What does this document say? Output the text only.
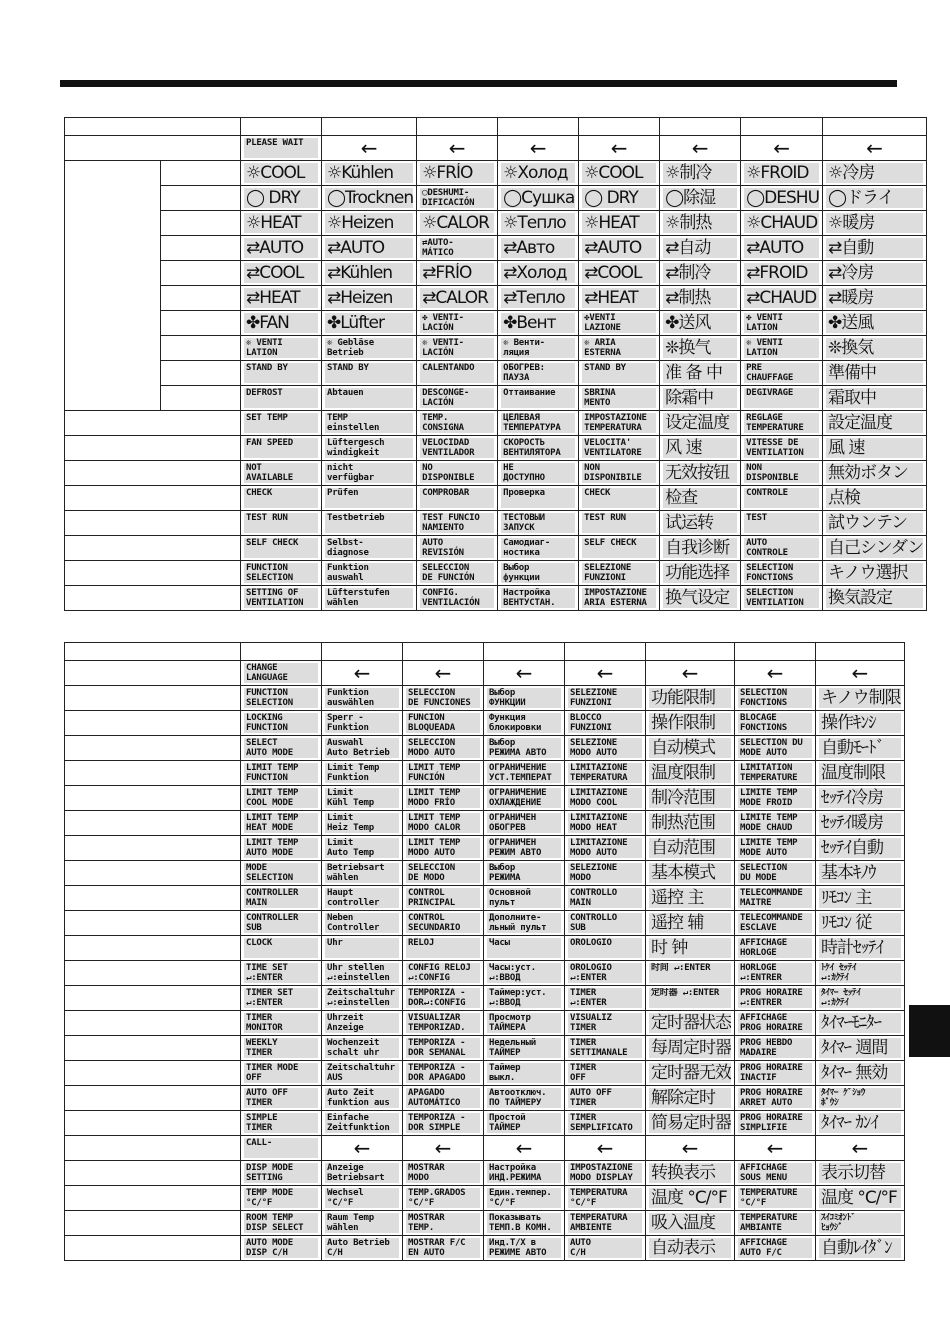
		PLEASE WAIT	←	←	←	←	←	←	←

		☼COOL	☼Kühlen	☼FRÍO	☼Холод	☼COOL	☼制冷	☼FROID	☼冷房

		◯ DRY	◯Trocknen	◯DESHUMI-
DIFICACIÓN	◯Сушка	◯ DRY	◯除湿	◯DESHU	◯ドライ

		☼HEAT	☼Heizen	☼CALOR	☼Тепло	☼HEAT	☼制热	☼CHAUD	☼暖房

		⇄AUTO	⇄AUTO	⇄AUTO-
MÁTICO	⇄Авто	⇄AUTO	⇄自动	⇄AUTO	⇄自動

		⇄COOL	⇄Kühlen	⇄FRÍO	⇄Холод	⇄COOL	⇄制冷	⇄FROID	⇄冷房

		⇄HEAT	⇄Heizen	⇄CALOR	⇄Тепло	⇄HEAT	⇄制热	⇄CHAUD	⇄暖房

		✤FAN	✤Lüfter	✤ VENTI-
LACIÓN	✤Вент	✤VENTI
LAZIONE	✤送风	✤ VENTI
LATION	✤送風

		❊ VENTI
LATION	❊ Gebläse
Betrieb	❊ VENTI-
LACIÓN	❊ Венти-
ляция	❊ ARIA
ESTERNA	❊换气	❊ VENTI
LATION	❊換気

		STAND BY	STAND BY	CALENTANDO	ОБОГРЕВ:
ПАУЗА	STAND BY	准 备 中	PRE
CHAUFFAGE	準備中

		DEFROST	Abtauen	DESCONGE-
LACIÓN	Оттаивание	SBRINA
MENTO	除霜中	DEGIVRAGE	霜取中

		SET TEMP	TEMP
einstellen	TEMP.
CONSIGNA	ЦЕЛЕВАЯ
ТЕМПЕРАТУРА	IMPOSTAZIONE
TEMPERATURA	设定温度	REGLAGE
TEMPERATURE	設定温度

		FAN SPEED	Lüftergesch
windigkeit	VELOCIDAD
VENTILADOR	СКОРОСТЬ
ВЕНТИЛЯТОРА	VELOCITA'
VENTILATORE	风 速	VITESSE DE
VENTILATION	風 速

		NOT
AVAILABLE	nicht
verfügbar	NO
DISPONIBLE	НЕ
ДОСТУПНО	NON
DISPONIBILE	无效按钮	NON
DISPONIBLE	無効ボタン

		CHECK	Prüfen	COMPROBAR	Проверка	CHECK	检查	CONTROLE	点検

		TEST RUN	Testbetrieb	TEST FUNCIO
NAMIENTO	ТЕСТОВЫЙ
ЗАПУСК	TEST RUN	试运转	TEST	試ウンテン

		SELF CHECK	Selbst-
diagnose	AUTO
REVISIÓN	Самодиаг-
ностика	SELF CHECK	自我诊断	AUTO
CONTROLE	自己シンダン

		FUNCTION
SELECTION	Funktion
auswahl	SELECCIÓN
DE FUNCIÓN	Выбор
функции	SELEZIONE
FUNZIONI	功能选择	SELECTION
FONCTIONS	キノウ選択

		SETTING OF
VENTILATION	Lüfterstufen
wählen	CONFIG.
VENTILACIÓN	Настройка
ВЕНТУСТАН.	IMPOSTAZIONE
ARIA ESTERNA	换气设定	SELECTION
VENTILATION	換気設定

	CHANGE
LANGUAGE	←	←	←	←	←	←	←

	FUNCTION
SELECTION	Funktion
auswählen	SELECCIÓN
DE FUNCIONES	Выбор
ФУНКЦИИ	SELEZIONE
FUNZIONI	功能限制	SELECTION
FONCTIONS	キノウ制限

	LOCKING
FUNCTION	Sperr -
Funktion	FUNCIÓN
BLOQUEADA	Функция
блокировки	BLOCCO
FUNZIONI	操作限制	BLOCAGE
FONCTIONS	操作ｷﾝｼ

	SELECT
AUTO MODE	Auswahl
Auto Betrieb	SELECCIÓN
MODO AUTO	Выбор
РЕЖИМА АВТО	SELEZIONE
MODO AUTO	自动模式	SELECTION DU
MODE AUTO	自動ﾓｰﾄﾞ

	LIMIT TEMP
FUNCTION	Limit Temp
Funktion	LIMIT TEMP
FUNCIÓN	ОГРАНИЧЕНИЕ
УСТ.ТЕМПЕРАТ	LIMITAZIONE
TEMPERATURA	温度限制	LIMITATION
TEMPERATURE	温度制限

	LIMIT TEMP
COOL MODE	Limit
Kühl Temp	LIMIT TEMP
MODO FRÍO	ОГРАНИЧЕНИЕ
ОХЛАЖДЕНИЕ	LIMITAZIONE
MODO COOL	制冷范围	LIMITE TEMP
MODE FROID	ｾｯﾃｲ冷房

	LIMIT TEMP
HEAT MODE	Limit
Heiz Temp	LIMIT TEMP
MODO CALOR	ОГРАНИЧЕН
ОБОГРЕВ	LIMITAZIONE
MODO HEAT	制热范围	LIMITE TEMP
MODE CHAUD	ｾｯﾃｲ暖房

	LIMIT TEMP
AUTO MODE	Limit
Auto Temp	LIMIT TEMP
MODO AUTO	ОГРАНИЧЕН
РЕЖИМ АВТО	LIMITAZIONE
MODO AUTO	自动范围	LIMITE TEMP
MODE AUTO	ｾｯﾃｲ自動

	MODE
SELECTION	Betriebsart
wählen	SELECCIÓN
DE MODO	Выбор
РЕЖИМА	SELEZIONE
MODO	基本模式	SELECTION
DU MODE	基本ｷﾉｳ

	CONTROLLER
MAIN	Haupt
controller	CONTROL
PRINCIPAL	Основной
пульт	CONTROLLO
MAIN	遥控 主	TELECOMMANDE
MAITRE	ﾘﾓｺﾝ 主

	CONTROLLER
SUB	Neben
Controller	CONTROL
SECUNDARIO	Дополните-
льный пульт	CONTROLLO
SUB	遥控 辅	TELECOMMANDE
ESCLAVE	ﾘﾓｺﾝ 従

	CLOCK	Uhr	RELOJ	Часы	OROLOGIO	时 钟	AFFICHAGE
HORLOGE	時計ｾｯﾃｲ

	TIME SET
↵:ENTER	Uhr stellen
↵:einstellen	CONFIG RELOJ
↵:CONFIG	Часы:уст.
↵:ВВОД	OROLOGIO
↵:ENTER	时间 ↵:ENTER	HORLOGE
↵:ENTRER	ﾄｹｲ ｾｯﾃｲ
↵:ｶｸﾃｲ

	TIMER SET
↵:ENTER	Zeitschaltuhr
↵:einstellen	TEMPORIZA -
DOR↵:CONFIG	Таймер:уст.
↵:ВВОД	TIMER
↵:ENTER	定时器 ↵:ENTER	PROG HORAIRE
↵:ENTRER	ﾀｲﾏｰ ｾｯﾃｲ
↵:ｶｸﾃｲ

	TIMER
MONITOR	Uhrzeit
Anzeige	VISUALIZAR
TEMPORIZAD.	Просмотр
ТАЙМЕРА	VISUALIZ
TIMER	定时器状态	AFFICHAGE
PROG HORAIRE	ﾀｲﾏｰﾓﾆﾀｰ

	WEEKLY
TIMER	Wochenzeit
schalt uhr	TEMPORIZA -
DOR SEMANAL	Недельный
ТАЙМЕР	TIMER
SETTIMANALE	每周定时器	PROG HEBDO
MADAIRE	ﾀｲﾏｰ 週間

	TIMER MODE
OFF	Zeitschaltuhr
AUS	TEMPORIZA -
DOR APAGADO	Таймер
выкл.	TIMER
OFF	定时器无效	PROG HORAIRE
INACTIF	ﾀｲﾏｰ 無効

	AUTO OFF
TIMER	Auto Zeit
funktion aus	APAGADO
AUTOMÁTICO	Автоотключ.
ПО ТАЙМЕРУ	AUTO OFF
TIMER	解除定时	PROG HORAIRE
ARRET AUTO	ﾀｲﾏｰ ｹﾞｼｮｳ
ﾎﾞｳｼ

	SIMPLE
TIMER	Einfache
Zeitfunktion	TEMPORIZA -
DOR SIMPLE	Простой
ТАЙМЕР	TIMER
SEMPLIFICATO	简易定时器	PROG HORAIRE
SIMPLIFIE	ﾀｲﾏｰ ｶﾝｲ

	CALL-	←	←	←	←	←	←	←

	DISP MODE
SETTING	Anzeige
Betriebsart	MOSTRAR
MODO	Настройка
ИНД.РЕЖИМА	IMPOSTAZIONE
MODO DISPLAY	转换表示	AFFICHAGE
SOUS MENU	表示切替

	TEMP MODE
°C/°F	Wechsel
°C/°F	TEMP.GRADOS
°C/°F	Един.темпер.
°C/°F	TEMPERATURA
°C/°F	温度 °C/°F	TEMPERATURE
°C/°F	温度 °C/°F

	ROOM TEMP
DISP SELECT	Raum Temp
wählen	MOSTRAR
TEMP.	Показывать
ТЕМП.В КОМН.	TEMPERATURA
AMBIENTE	吸入温度	TEMPERATURE
AMBIANTE	ｽｲｺﾐｵﾝﾄﾞ
ﾋｮｳｼﾞ

	AUTO MODE
DISP C/H	Auto Betrieb
C/H	MOSTRAR F/C
EN AUTO	Инд.Т/Х в
РЕЖИМЕ АВТО	AUTO
C/H	自动表示	AFFICHAGE
AUTO F/C	自動ﾚｲﾀﾞﾝ
